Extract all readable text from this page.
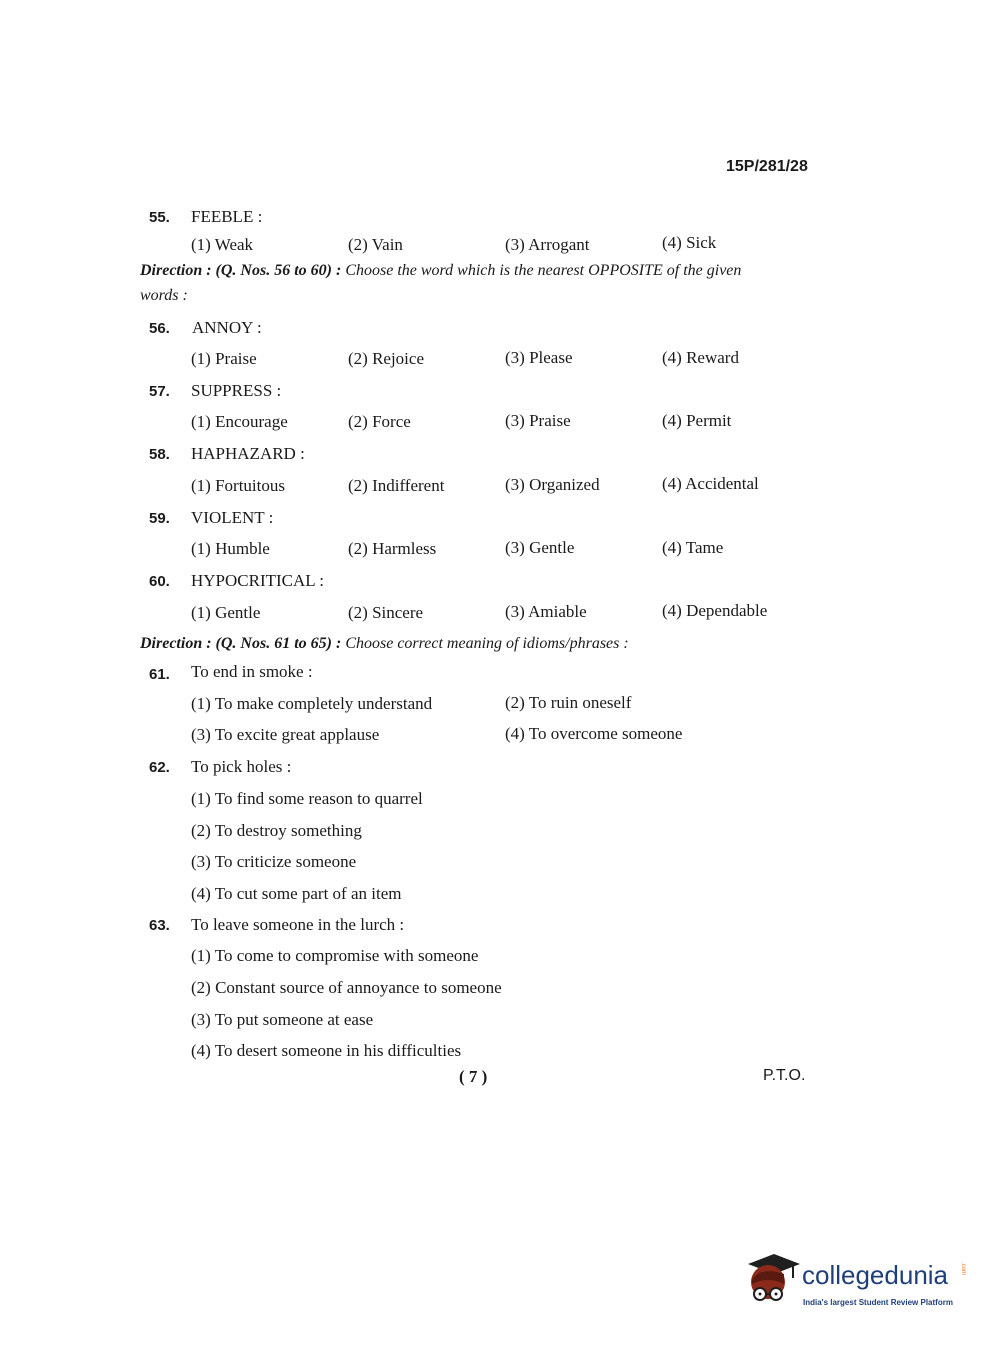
15P/281/28
55. FEEBLE :
(1) Weak	(2) Vain	(3) Arrogant	(4) Sick
Direction : (Q. Nos. 56 to 60) : Choose the word which is the nearest OPPOSITE of the given
words :
56. ANNOY :
(1) Praise	(2) Rejoice	(3) Please	(4) Reward
57. SUPPRESS :
(1) Encourage	(2) Force	(3) Praise	(4) Permit
58. HAPHAZARD :
(1) Fortuitous	(2) Indifferent	(3) Organized	(4) Accidental
59. VIOLENT :
(1) Humble	(2) Harmless	(3) Gentle	(4) Tame
60. HYPOCRITICAL :
(1) Gentle	(2) Sincere	(3) Amiable	(4) Dependable
Direction : (Q. Nos. 61 to 65) : Choose correct meaning of idioms/phrases :
61. To end in smoke :
(1) To make completely understand	(2) To ruin oneself
(3) To excite great applause	(4) To overcome someone
62. To pick holes :
(1) To find some reason to quarrel
(2) To destroy something
(3) To criticize someone
(4) To cut some part of an item
63. To leave someone in the lurch :
(1) To come to compromise with someone
(2) Constant source of annoyance to someone
(3) To put someone at ease
(4) To desert someone in his difficulties
( 7 )	P.T.O.
collegedunia .com
India's largest Student Review Platform
